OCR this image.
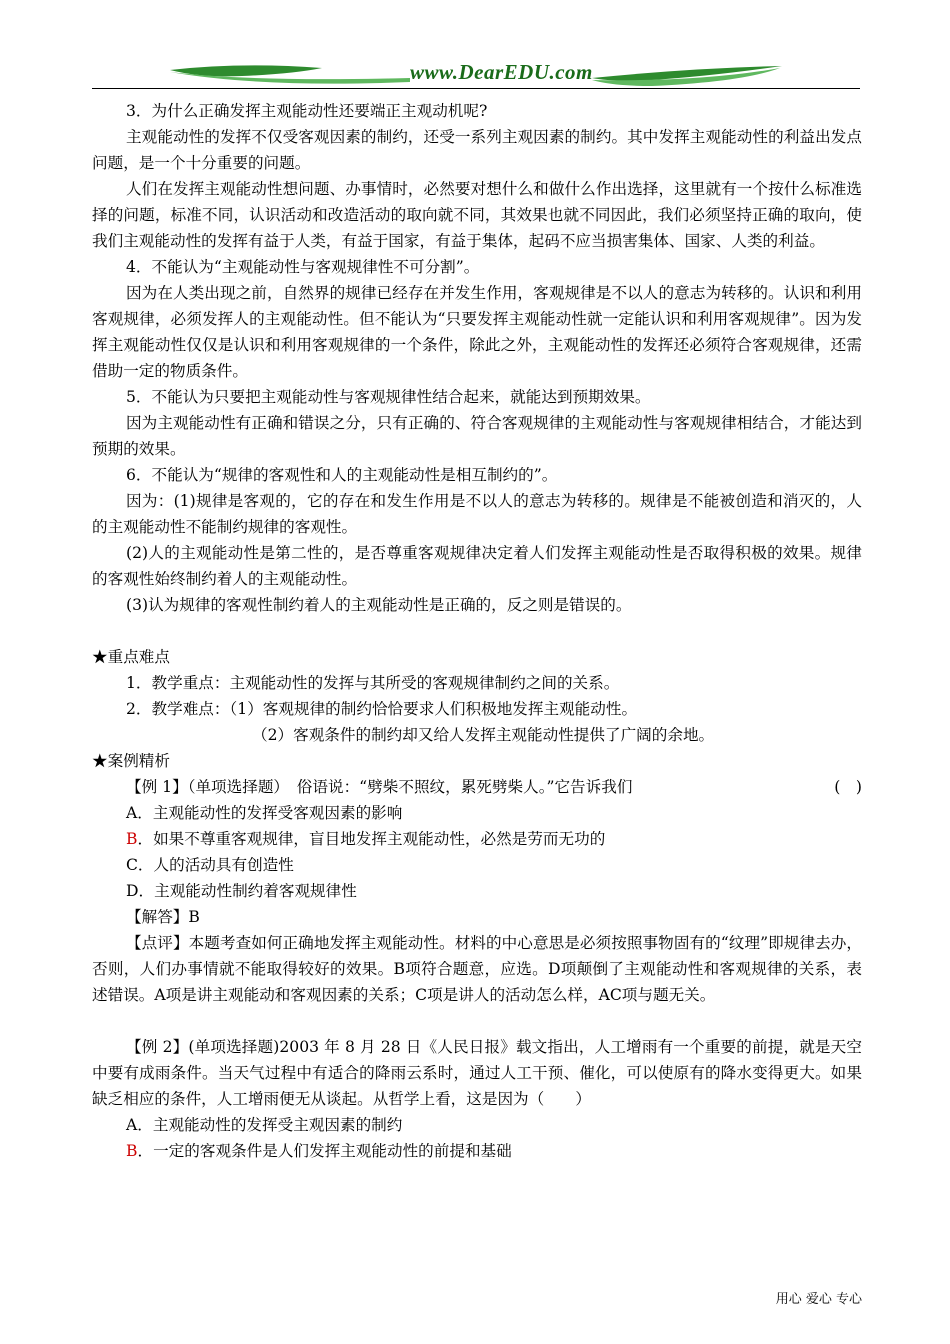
www.DearEDU.com

3．为什么正确发挥主观能动性还要端正主观动机呢?

主观能动性的发挥不仅受客观因素的制约，还受一系列主观因素的制约。其中发挥主观能动性的利益出发点问题，是一个十分重要的问题。

人们在发挥主观能动性想问题、办事情时，必然要对想什么和做什么作出选择，这里就有一个按什么标准选择的问题，标准不同，认识活动和改造活动的取向就不同，其效果也就不同因此，我们必须坚持正确的取向，使我们主观能动性的发挥有益于人类，有益于国家，有益于集体，起码不应当损害集体、国家、人类的利益。

4．不能认为“主观能动性与客观规律性不可分割”。

因为在人类出现之前，自然界的规律已经存在并发生作用，客观规律是不以人的意志为转移的。认识和利用客观规律，必须发挥人的主观能动性。但不能认为“只要发挥主观能动性就一定能认识和利用客观规律”。因为发挥主观能动性仅仅是认识和利用客观规律的一个条件，除此之外，主观能动性的发挥还必须符合客观规律，还需借助一定的物质条件。

5．不能认为只要把主观能动性与客观规律性结合起来，就能达到预期效果。

因为主观能动性有正确和错误之分，只有正确的、符合客观规律的主观能动性与客观规律相结合，才能达到预期的效果。

6．不能认为“规律的客观性和人的主观能动性是相互制约的”。

因为：(1)规律是客观的，它的存在和发生作用是不以人的意志为转移的。规律是不能被创造和消灭的，人的主观能动性不能制约规律的客观性。

(2)人的主观能动性是第二性的，是否尊重客观规律决定着人们发挥主观能动性是否取得积极的效果。规律的客观性始终制约着人的主观能动性。

(3)认为规律的客观性制约着人的主观能动性是正确的，反之则是错误的。

★重点难点

1．教学重点：主观能动性的发挥与其所受的客观规律制约之间的关系。

2．教学难点：（1）客观规律的制约恰恰要求人们积极地发挥主观能动性。

（2）客观条件的制约却又给人发挥主观能动性提供了广阔的余地。

★案例精析

【例 1】（单项选择题）　俗语说：“劈柴不照纹，累死劈柴人。”它告诉我们	(　)

A．主观能动性的发挥受客观因素的影响

B．如果不尊重客观规律，盲目地发挥主观能动性，必然是劳而无功的

C．人的活动具有创造性

D．主观能动性制约着客观规律性

【解答】B

【点评】本题考查如何正确地发挥主观能动性。材料的中心意思是必须按照事物固有的“纹理”即规律去办，否则，人们办事情就不能取得较好的效果。B项符合题意，应选。D项颠倒了主观能动性和客观规律的关系，表述错误。A项是讲主观能动和客观因素的关系；C项是讲人的活动怎么样，AC项与题无关。

【例 2】(单项选择题)2003 年 8 月 28 日《人民日报》载文指出，人工增雨有一个重要的前提，就是天空中要有成雨条件。当天气过程中有适合的降雨云系时，通过人工干预、催化，可以使原有的降水变得更大。如果缺乏相应的条件，人工增雨便无从谈起。从哲学上看，这是因为（　　）

A．主观能动性的发挥受主观因素的制约

B．一定的客观条件是人们发挥主观能动性的前提和基础

用心 爱心 专心
